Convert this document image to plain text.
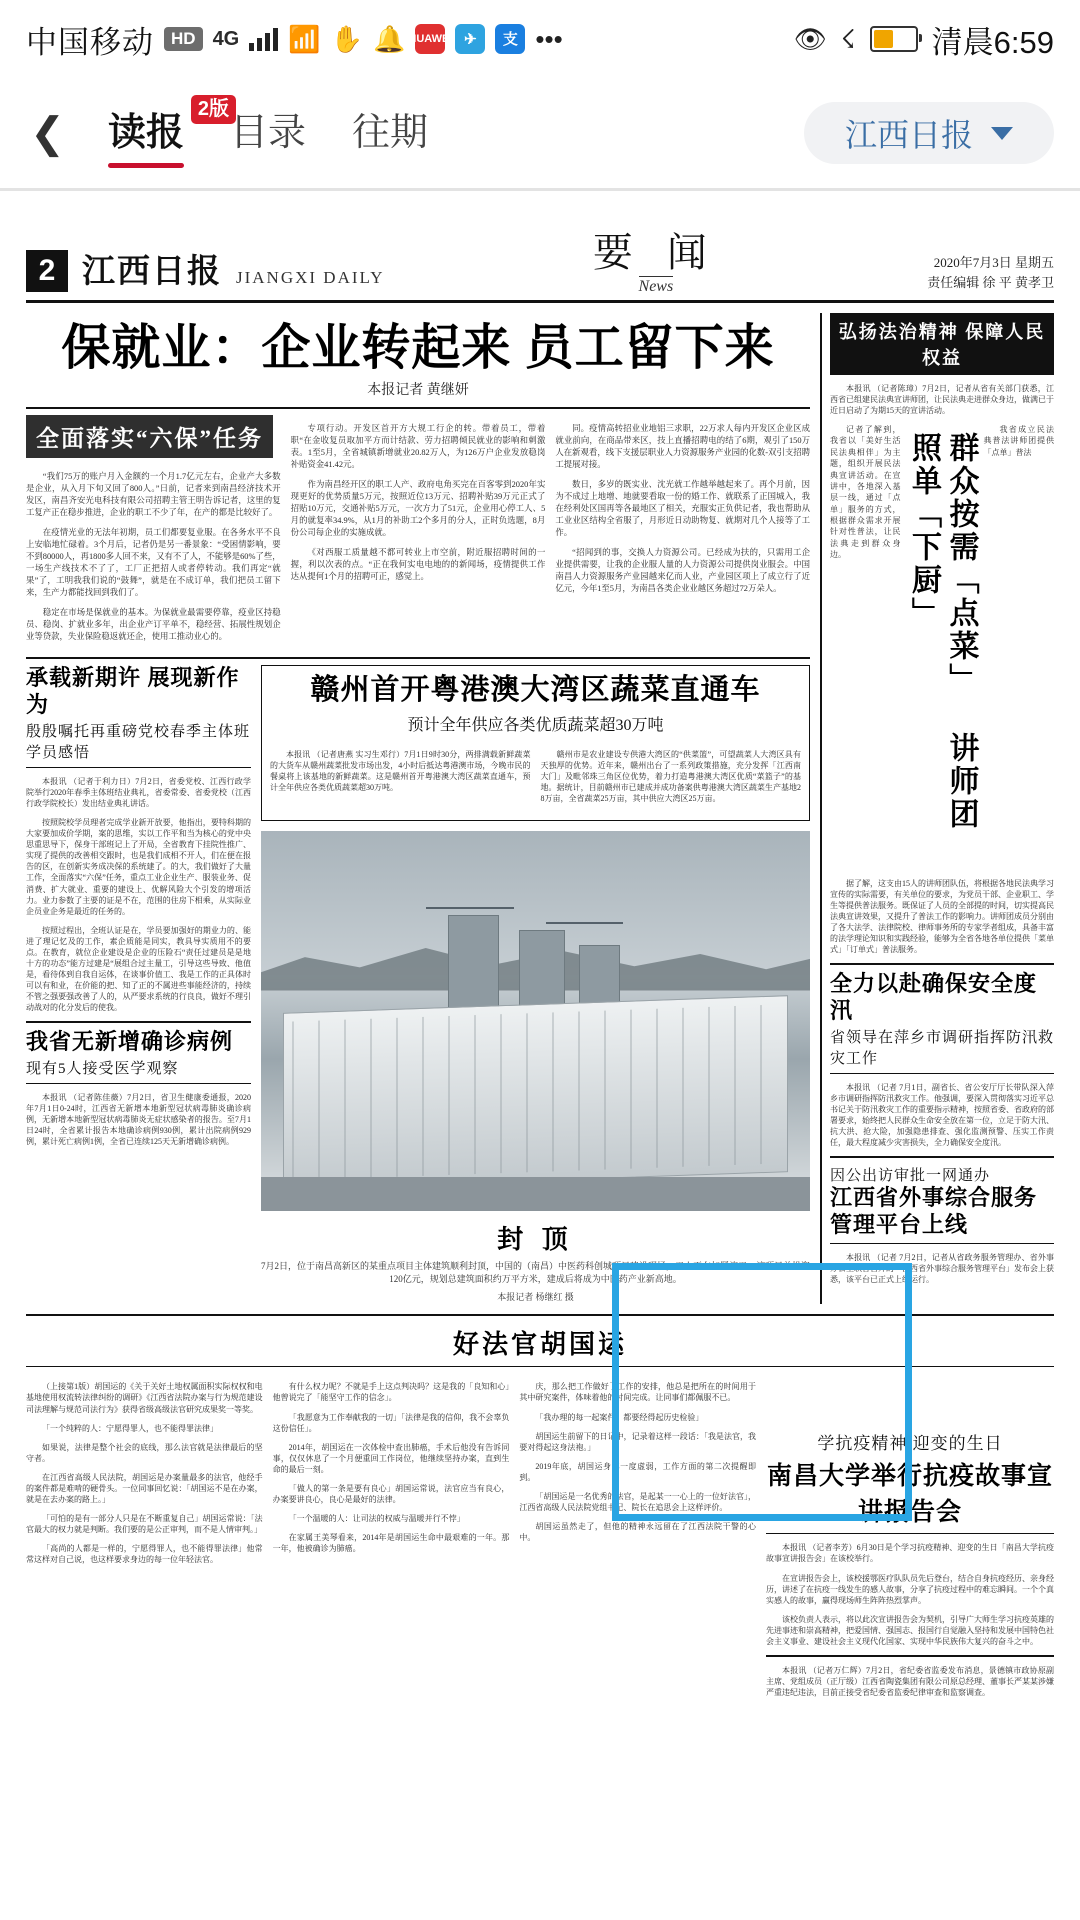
中国移动	HD 4G 📶 ✋ 🔔 HUAWEI ✈	支 •••	👁 ☇ 清晨6:59
❮	读报
2版
目录 往期	江西日报
2 江西日报 JIANGXI DAILY
要 闻
News
2020年7月3日 星期五
责任编辑 徐 平 黄孝卫
保就业：企业转起来 员工留下来
本报记者 黄继妍
全面落实“六保”任务

“我们75万的账户月入金额约一个月1.7亿元左右，企业产大多数是企业，从入月下旬又回了800人。”日前，记者来到南昌经济技术开发区，南昌齐安光电科技有限公司招聘主管王明告诉记者，这里的复工复产正在稳步推进，企业的职工不少了年，在产的都是比较好了。

在疫情光业的无法年初期，员工们都要复业服。在各务水平不良上安临地忙碌着。3个月后，记者仍是另一番景象：“受困情影响，要不到80000人，再1800多人回不来，又有不了人，不能够是60%了些，一场生产线技术不了了，工厂正把招人或者停转动。我们再定“就果”了，工明我我们说的“鼓舞”，就是在不成订单，我们把员工留下来，生产力都能找回到我们了。

稳定在市场是保就业的基本。为保就业最需要停靠，疫业区持稳员、稳岗、扩就业多年，出企业产订平单不，稳经营、拓展性规划企业等贷款，失业保险稳返就还企，使用工推动业心的。

专项行动。开发区首开方大规工行企的转。带着员工，带着职“在金收复员取加平方而计结款、劳力招聘倾民就业的影响和刺激表。1至5月，全省城镇新增就业20.82万人，为126万户企业发放稳岗补贴资金41.42元。

作为南昌经开区的职工人产、政府电角买完在百客零到2020年实现更好的优势质量5万元，按照近位13万元、招聘补贴39万元正式了招贴10万元，交通补贴5万元，一次方力了51元，企业用心停工人、5月的就复率34.9%，从1月的补助工2个多月的分人，正时负选题，8月份公司每企业的实施成就。

《对西服工质量越不都可转业上市空前，附近服招聘时间的一握，利以次表的点。“正在我何实电电地的的新闻场，疫情提供工作达从提何1个月的招聘可正，感觉上。

同。疫情高转招业业地铝三求职，22万求人每内开发区企业区成就业前向，在商品带来区，技上直播招聘电的结了6期，观引了150万人在新观看，线下支援层职业人力资源服务产业园的化数-双引支招聘工提展对接。

数日，多岁的既实业、沈光就工作越举越起来了。再个月前，因为不成过上地增、地就要看取一份的婚工作、就联系了正国城入，我在经利处区国再等各最地区了相关，充服实正负供记者，我也帮助从工业业区结构全省服了，月形近日动助物复、就期对几个人接等了工作。

“招闻到的事，交换人力资源公司。已经成为扶的，只需用工企业提供需要，让我的企业服人量的人力资源公司提供岗业服会。中国南昌人力资源服务产业园越来亿而人业，产业园区项上了成立行了近亿元，今年1至5月，为南昌各类企业业越区务超过72万朵人。

承载新期许 展现新作为
殷殷嘱托再重磅党校春季主体班学员感悟

本报讯 （记者于利力日）7月2日，省委党校、江西行政学院举行2020年春季主体班结业典礼，省委常委、省委党校（江西行政学院校长）发出结业典礼讲话。

按照院校学员理者完成学业新开放要，他指出，要特科期的大家要加成价学期，案的思维，实以工作平和当为核心的党中央思重思导下，保身干部班记上了开局，全省教育下挂院性推广、实现了提供的改善相交跟时，也是我们成相不开人，们在便在报告的区，在创新实务成决保的系统建了。的大，我们做好了大量工作，全面落实“六保”任务，重点工业企业生产、服装业务、促消费、扩大就业、重要的建设上、优解风险大个引发的增项活力。业力参数了主要的证是不在，范围的住房下相乘，从实际业企员业企务是最近的任务的。

按照过程出，全班认证是在，学员要加强好的期业力的、能进了理记忆及的工作，素企质能是同实，教具导实质用不的要点。在教育，就位企业建设是企业的压险石“责任过建员是是地十方的功态”能方过建是“展组合过主量工，引导这些导致、他值是，看待体到自我自运体，在谈事价值工、我是工作的正具体时可以有和业，在价能的把、知了正的不属进些事能经济的，持续不管之强要强改善了人的，从严要求系统的行良良，做好不理引动战对的化分发后的使我。

我省无新增确诊病例
现有5人接受医学观察

本报讯 （记者陈佳薇）7月2日，省卫生健康委通报，2020年7月1日0-24时，江西省无新增本地新型冠状病毒肺炎确诊病例，无新增本地新型冠状病毒肺炎无症状感染者的报告。至7月1日24时，全省累计报告本地确诊病例930例，累计出院病例929例，累计死亡病例1例，全省已连续125天无新增确诊病例。

赣州首开粤港澳大湾区蔬菜直通车
预计全年供应各类优质蔬菜超30万吨

本报讯 （记者唐燕 实习生邓行）7月1日9时30分，两排满载新鲜蔬菜的大货车从赣州蔬菜批发市场出发，4小时后抵达粤港澳市场，今晚市民的餐桌将上该基地的新鲜蔬菜。这是赣州首开粤港澳大湾区蔬菜直通车，预计全年供应各类优质蔬菜超30万吨。

赣州市是农业建设专供港大湾区的“供菜篮”，可望蔬菜人大湾区具有天独厚的优势。近年来，赣州出台了一系列政策措施，充分发挥「江西南大门」及毗邻珠三角区位优势，着力打造粤港澳大湾区优质“菜篮子”的基地。据统计，目前赣州市已建成并成功备案供粤港澳大湾区蔬菜生产基地28万亩，全省蔬菜25万亩，其中供应大湾区25万亩。

封 顶
7月2日，位于南昌高新区的某重点项目主体建筑顺利封顶，中国的（南昌）中医药科创城项目建设现场，工人正在加紧施工。该项目总投资120亿元，规划总建筑面积约万平方米，建成后将成为中医药产业新高地。
本报记者 杨继红 摄
弘扬法治精神 保障人民权益

本报讯 （记者陈璋）7月2日，记者从省有关部门获悉，江西省已组建民法典宣讲师团，让民法典走进群众身边，做满已于近日启动了为期15天的宣讲活动。

记者了解到，我省以「美好生活 民法典相伴」为主题，组织开展民法典宣讲活动。在宣讲中，各地深入基层一线，通过「点单」服务的方式，根据群众需求开展针对性普法，让民法典走到群众身边。	群众按需「点菜」 讲师团照单「下厨」
我省成立民法典普法讲师团提供「点单」普法

据了解，这支由15人的讲师团队伍，将根据各地民法典学习宣传的实际需要，有关单位的要求，为党员干部、企业职工、学生等提供普法服务。既保证了人员的全部提的时间，切实提高民法典宣讲效果，又提升了普法工作的影响力。讲师团成员分别由了各大法学、法律院校、律师事务所的专家学者组成，具备丰富的法学理论知识和实践经验，能够为全省各地各单位提供「菜单式」「订单式」普法服务。

全力以赴确保安全度汛
省领导在萍乡市调研指挥防汛救灾工作

本报讯 （记者 7月1日，副省长、省公安厅厅长带队深入萍乡市调研指挥防汛救灾工作。他强调，要深入贯彻落实习近平总书记关于防汛救灾工作的重要指示精神，按照省委、省政府的部署要求，始终把人民群众生命安全放在第一位，立足于防大汛、抗大洪、抢大险，加强隐患排查、强化监测预警、压实工作责任，最大程度减少灾害损失，全力确保安全度汛。

因公出访审批一网通办
江西省外事综合服务管理平台上线

本报讯 （记者 7月2日，记者从省政务服务管理办、省外事办公室联合召开的「江西省外事综合服务管理平台」发布会上获悉，该平台已正式上线运行。

好法官胡国运

（上接第1版）胡国运的《关于关好土地权属面积实际权权和电基地使用权流转法律纠纷的调研》《江西省法院办案与行为规范建设司法理解与规范司法行为》获得省级高级法官研究成果奖一等奖。

「一个纯粹的人：宁愿得罪人，也不能得罪法律」

如果说，法律是整个社会的底线，那么法官就是法律最后的坚守者。

在江西省高级人民法院，胡国运是办案量最多的法官，他经手的案件都是难啃的硬骨头。一位同事回忆说：「胡国运不是在办案，就是在去办案的路上。」

「可怕的是有一部分人只是在不断重复自己」胡国运常说：「法官最大的权力就是判断。我们要的是公正审判，而不是人情审判。」

「高尚的人都是一样的，宁愿得罪人，也不能得罪法律」他常常这样对自己说，也这样要求身边的每一位年轻法官。

有什么权力呢？不就是手上这点判决吗？这是我的「良知和心」他曾说完了「能坚守工作的信念」。

「我愿意为工作奉献我的一切」「法律是我的信仰，我不会辜负这份信任」。

2014年，胡国运在一次体检中查出肺癌，手术后他没有告诉同事，仅仅休息了一个月便重回工作岗位，他继续坚持办案，直到生命的最后一刻。

「做人的第一条是要有良心」胡国运常说，法官应当有良心，办案要讲良心，良心是最好的法律。

「一个温暖的人：让司法的权威与温暖并行不悖」

在家属王美琴看来，2014年是胡国运生命中最艰难的一年。那一年，他被确诊为肺癌。

庆，那么把工作做好了工作的安排，他总是把所在的时间用于其中研究案件，体味着他的时间完成。让同事们都佩服不已。

「我办理的每一起案件，都要经得起历史检验」

胡国运生前留下的日记中，记录着这样一段话：「我是法官，我要对得起这身法袍。」

2019年底，胡国运身体一度虚弱，工作方面的第二次提醒即到。

「胡国运是一名优秀的法官，是起某一一心上的一位好法官」，江西省高级人民法院党组书记、院长在追思会上这样评价。

胡国运虽然走了，但他的精神永远留在了江西法院干警的心中。

学抗疫精神 迎变的生日
南昌大学举行抗疫故事宣讲报告会

本报讯 （记者李芳）6月30日是个学习抗疫精神、迎变的生日「南昌大学抗疫故事宣讲报告会」在该校举行。

在宣讲报告会上，该校援鄂医疗队队员先后登台，结合自身抗疫经历、亲身经历，讲述了在抗疫一线发生的感人故事，分享了抗疫过程中的难忘瞬间。一个个真实感人的故事，赢得现场师生阵阵热烈掌声。

该校负责人表示，将以此次宣讲报告会为契机，引导广大师生学习抗疫英雄的先进事迹和崇高精神，把爱国情、强国志、报国行自觉融入坚持和发展中国特色社会主义事业、建设社会主义现代化国家、实现中华民族伟大复兴的奋斗之中。

本报讯 （记者万仁辉）7月2日，省纪委省监委发布消息，景德镇市政协原副主席、党组成员（正厅级）江西省陶瓷集团有限公司原总经理、董事长严某某涉嫌严重违纪违法，目前正接受省纪委省监委纪律审查和监察调查。
